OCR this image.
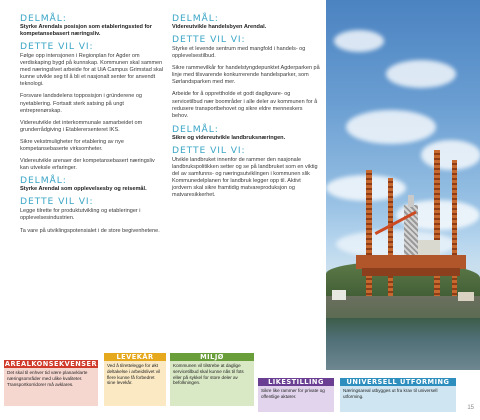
DELMÅL:
Styrke Arendals posisjon som etableringssted for kompetansebasert næringsliv.
DETTE VIL VI:
Følge opp intensjonen i Regionplan for Agder om verdiskaping bygd på kunnskap. Kommunen skal sammen med næringslivet arbeide for at UiA Campus Grimstad skal kunne utvikle seg til å bli et nasjonalt senter for anvendt teknologi.
Forsvare landsdelens topposisjon i gründerene og nyetablering. Fortsatt sterk satsing på ungt entreprenørskap.
Videreutvikle det interkommunale samarbeidet om grunderrådgiving i Etablerersenteret IKS.
Sikre vekstmuligheter for etablering av nye kompetansebaserte virksomheter.
Videreutvikle arenaer der kompetansebasert næringsliv kan utveksle erfaringer.
DELMÅL:
Styrke Arendal som opplevelsesby og reisemål.
DETTE VIL VI:
Legge tilrette for produktutvikling og etableringer i opplevelsesindustrien.
Ta vare på utviklingspotensialet i de store begivenhetene.
DELMÅL:
Videreutvikle handelsbyen Arendal.
DETTE VIL VI:
Styrke et levende sentrum med mangfold i handels- og opplevelsestilbud.
Sikre rammevilkår for handelstyngdepunktet Agderparken på linje med tilsvarende konkurrerende handelsparker, som Sørlandsparken med mer.
Arbeide for å opprettholde et godt dagligvare- og servicetilbud nær boområder i alle deler av kommunen for å redusere transportbehovet og sikre eldre menneskers behov.
DELMÅL:
Sikre og videreutvikle landbruksnæringen.
DETTE VIL VI:
Utvikle landbruket innenfor de rammer den nasjonale landbrukspolitikken setter og se på landbruket som en viktig del av samfunns- og næringsutviklingen i kommunen slik Kommunedelplanen for landbruk legger opp til. Aktivt jordvern skal sikre framtidig matvareproduksjon og matvaresikkerhet.
AREALKONSEKVENSER
Det skal til enhver tid være planavklarte næringsområder med ulike kvaliteter. Transportkorridorer må avklares.
LEVEKÅR
Ved å tilrettelegge for økt deltakelse i arbeidslivet vil flere kunne få forbedret sine levekår.
MILJØ
Kommunen vil tilstrebe at daglige servicetilbud skal kunne nås til fots eller på sykkel for store deler av befolkningen.	LIKESTILLING
Sikre like rammer for private og offentlige aktører.
UNIVERSELL UTFORMING
Næringsareal utbygges ut fra krav til universell utforming.
15
